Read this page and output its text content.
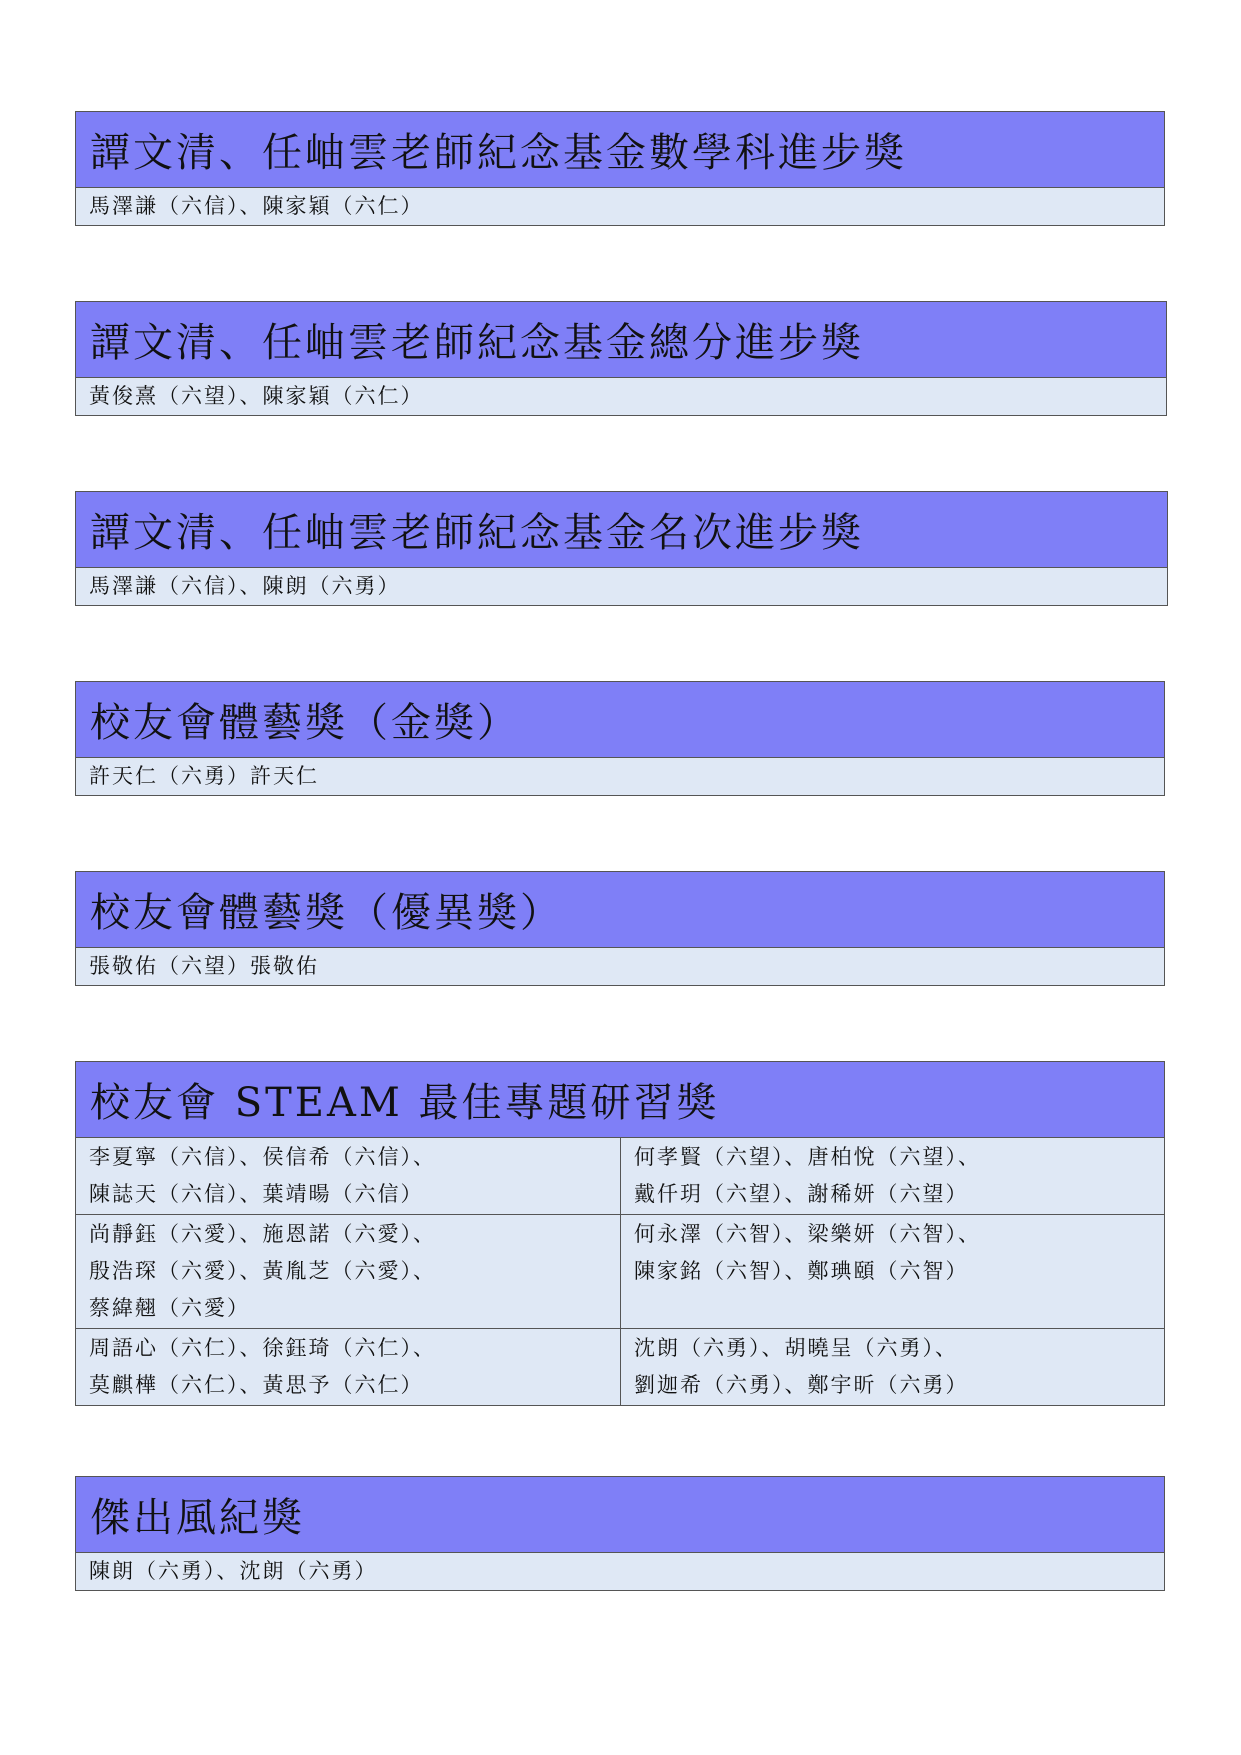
譚文清、任岫雲老師紀念基金數學科進步獎
馬澤謙（六信）、陳家穎（六仁）
譚文清、任岫雲老師紀念基金總分進步獎
黃俊熹（六望）、陳家穎（六仁）
譚文清、任岫雲老師紀念基金名次進步獎
馬澤謙（六信）、陳朗（六勇）
校友會體藝獎（金獎）
許天仁（六勇）許天仁
校友會體藝獎（優異獎）
張敬佑（六望）張敬佑
校友會 STEAM 最佳專題研習獎
李夏寧（六信）、侯信希（六信）、
陳誌天（六信）、葉靖暘（六信）
何孝賢（六望）、唐柏悅（六望）、
戴仟玥（六望）、謝稀妍（六望）
尚靜鈺（六愛）、施恩諾（六愛）、
殷浩琛（六愛）、黃胤芝（六愛）、
蔡緯翹（六愛）
何永澤（六智）、梁樂妍（六智）、
陳家銘（六智）、鄭琠頤（六智）
周語心（六仁）、徐鈺琦（六仁）、
莫麒樺（六仁）、黃思予（六仁）
沈朗（六勇）、胡曉呈（六勇）、
劉迦希（六勇）、鄭宇昕（六勇）
傑出風紀獎
陳朗（六勇）、沈朗（六勇）
